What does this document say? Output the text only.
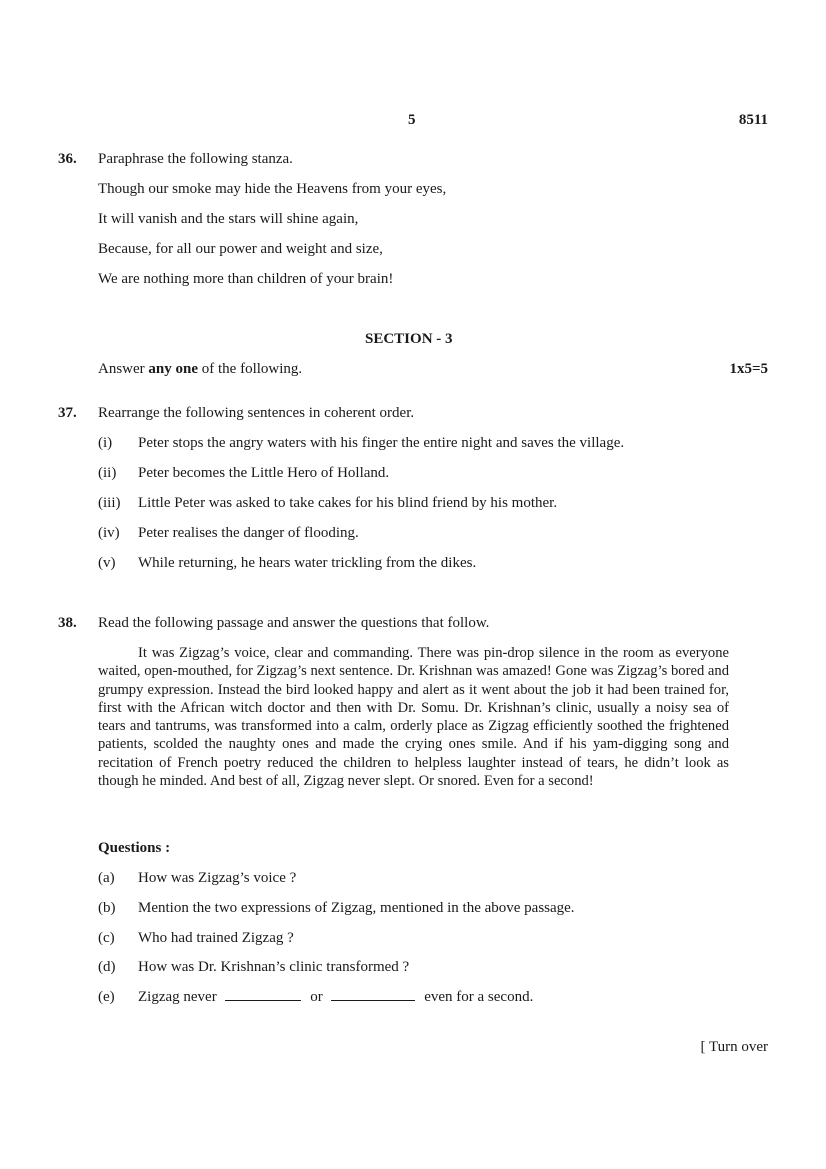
5	8511
36. Paraphrase the following stanza.
Though our smoke may hide the Heavens from your eyes,
It will vanish and the stars will shine again,
Because, for all our power and weight and size,
We are nothing more than children of your brain!
SECTION - 3
Answer any one of the following.	1x5=5
37. Rearrange the following sentences in coherent order.
(i) Peter stops the angry waters with his finger the entire night and saves the village.
(ii) Peter becomes the Little Hero of Holland.
(iii) Little Peter was asked to take cakes for his blind friend by his mother.
(iv) Peter realises the danger of flooding.
(v) While returning, he hears water trickling from the dikes.
38. Read the following passage and answer the questions that follow.
It was Zigzag’s voice, clear and commanding. There was pin-drop silence in the room as everyone waited, open-mouthed, for Zigzag’s next sentence. Dr. Krishnan was amazed! Gone was Zigzag’s bored and grumpy expression. Instead the bird looked happy and alert as it went about the job it had been trained for, first with the African witch doctor and then with Dr. Somu. Dr. Krishnan’s clinic, usually a noisy sea of tears and tantrums, was transformed into a calm, orderly place as Zigzag efficiently soothed the frightened patients, scolded the naughty ones and made the crying ones smile. And if his yam-digging song and recitation of French poetry reduced the children to helpless laughter instead of tears, he didn’t look as though he minded. And best of all, Zigzag never slept. Or snored. Even for a second!
Questions :
(a) How was Zigzag’s voice ?
(b) Mention the two expressions of Zigzag, mentioned in the above passage.
(c) Who had trained Zigzag ?
(d) How was Dr. Krishnan’s clinic transformed ?
(e) Zigzag never	or	even for a second.
[ Turn over
